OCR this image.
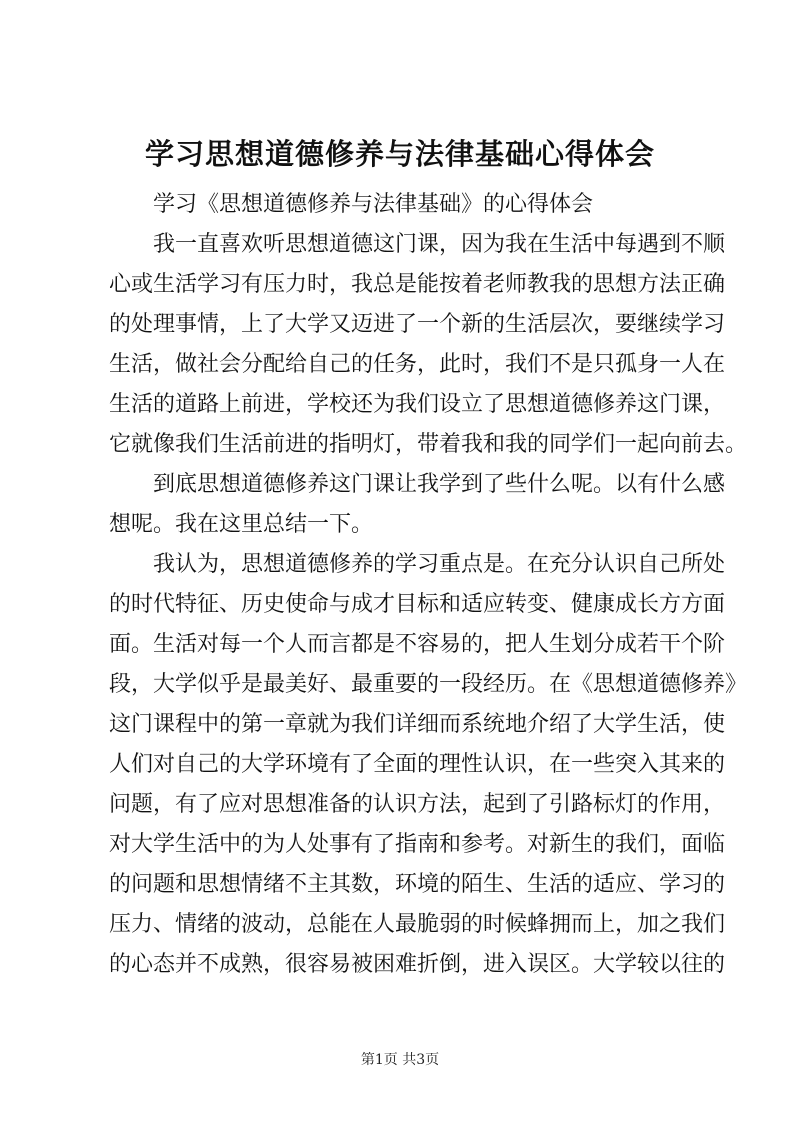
学习思想道德修养与法律基础心得体会
学习《思想道德修养与法律基础》的心得体会
我一直喜欢听思想道德这门课，因为我在生活中每遇到不顺
心或生活学习有压力时，我总是能按着老师教我的思想方法正确
的处理事情，上了大学又迈进了一个新的生活层次，要继续学习
生活，做社会分配给自己的任务，此时，我们不是只孤身一人在
生活的道路上前进，学校还为我们设立了思想道德修养这门课，
它就像我们生活前进的指明灯，带着我和我的同学们一起向前去。
到底思想道德修养这门课让我学到了些什么呢。以有什么感
想呢。我在这里总结一下。
我认为，思想道德修养的学习重点是。在充分认识自己所处
的时代特征、历史使命与成才目标和适应转变、健康成长方方面
面。生活对每一个人而言都是不容易的，把人生划分成若干个阶
段，大学似乎是最美好、最重要的一段经历。在《思想道德修养》
这门课程中的第一章就为我们详细而系统地介绍了大学生活，使
人们对自己的大学环境有了全面的理性认识，在一些突入其来的
问题，有了应对思想准备的认识方法，起到了引路标灯的作用，
对大学生活中的为人处事有了指南和参考。对新生的我们，面临
的问题和思想情绪不主其数，环境的陌生、生活的适应、学习的
压力、情绪的波动，总能在人最脆弱的时候蜂拥而上，加之我们
的心态并不成熟，很容易被困难折倒，进入误区。大学较以往的
第1页 共3页
